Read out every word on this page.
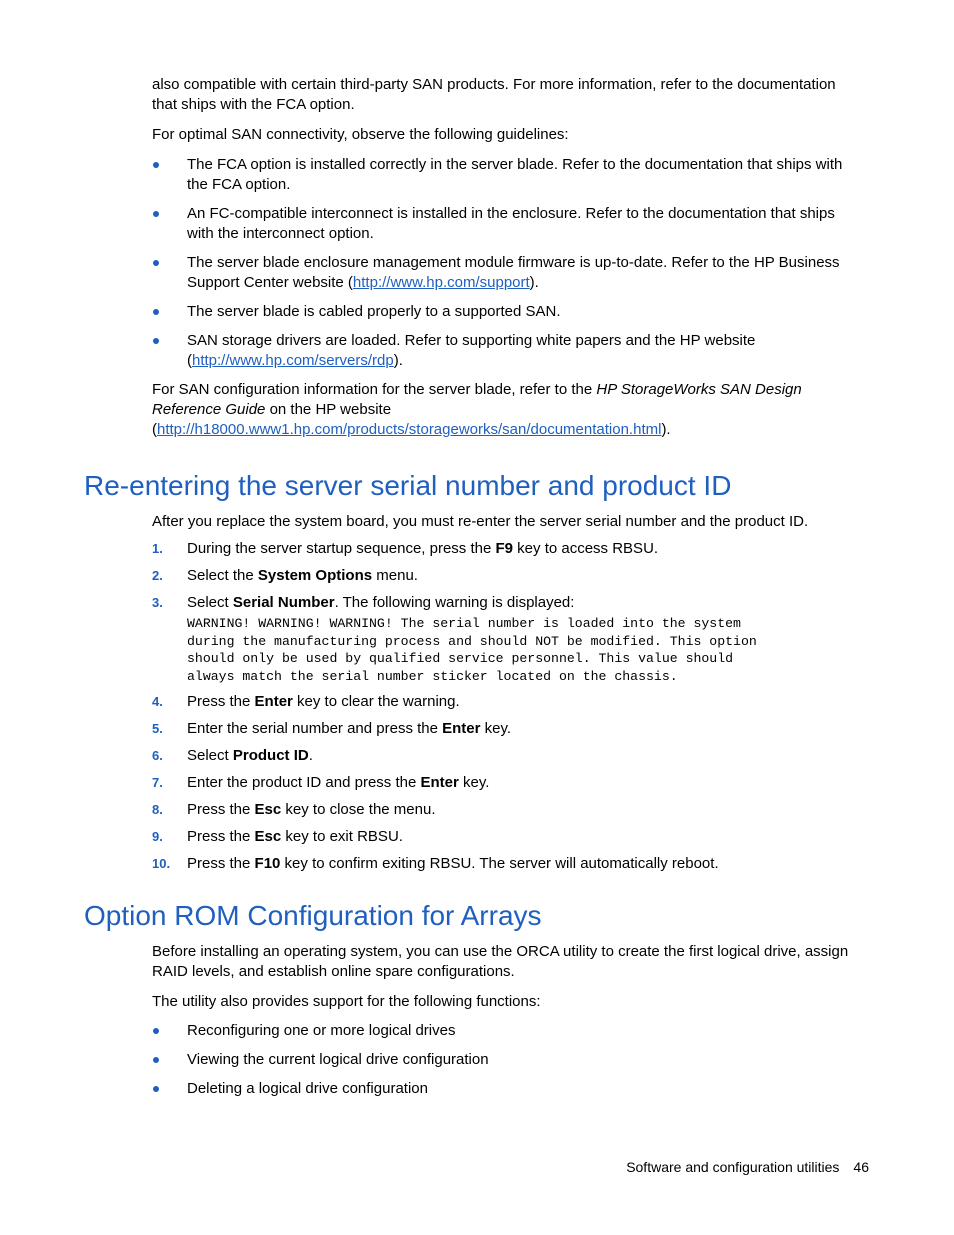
also compatible with certain third-party SAN products. For more information, refer to the documentation
that ships with the FCA option.

For optimal SAN connectivity, observe the following guidelines:

The FCA option is installed correctly in the server blade. Refer to the documentation that ships with
the FCA option.
An FC-compatible interconnect is installed in the enclosure. Refer to the documentation that ships
with the interconnect option.
The server blade enclosure management module firmware is up-to-date. Refer to the HP Business
Support Center website (http://www.hp.com/support).
The server blade is cabled properly to a supported SAN.
SAN storage drivers are loaded. Refer to supporting white papers and the HP website
(http://www.hp.com/servers/rdp).

For SAN configuration information for the server blade, refer to the HP StorageWorks SAN Design
Reference Guide on the HP website
(http://h18000.www1.hp.com/products/storageworks/san/documentation.html).

Re-entering the server serial number and product ID

After you replace the system board, you must re-enter the server serial number and the product ID.

1. During the server startup sequence, press the F9 key to access RBSU.
2. Select the System Options menu.
3. Select Serial Number. The following warning is displayed:
WARNING! WARNING! WARNING! The serial number is loaded into the system
during the manufacturing process and should NOT be modified. This option
should only be used by qualified service personnel. This value should
always match the serial number sticker located on the chassis.
4. Press the Enter key to clear the warning.
5. Enter the serial number and press the Enter key.
6. Select Product ID.
7. Enter the product ID and press the Enter key.
8. Press the Esc key to close the menu.
9. Press the Esc key to exit RBSU.
10. Press the F10 key to confirm exiting RBSU. The server will automatically reboot.
Option ROM Configuration for Arrays

Before installing an operating system, you can use the ORCA utility to create the first logical drive, assign
RAID levels, and establish online spare configurations.

The utility also provides support for the following functions:

Reconfiguring one or more logical drives
Viewing the current logical drive configuration
Deleting a logical drive configuration
Software and configuration utilities 46
